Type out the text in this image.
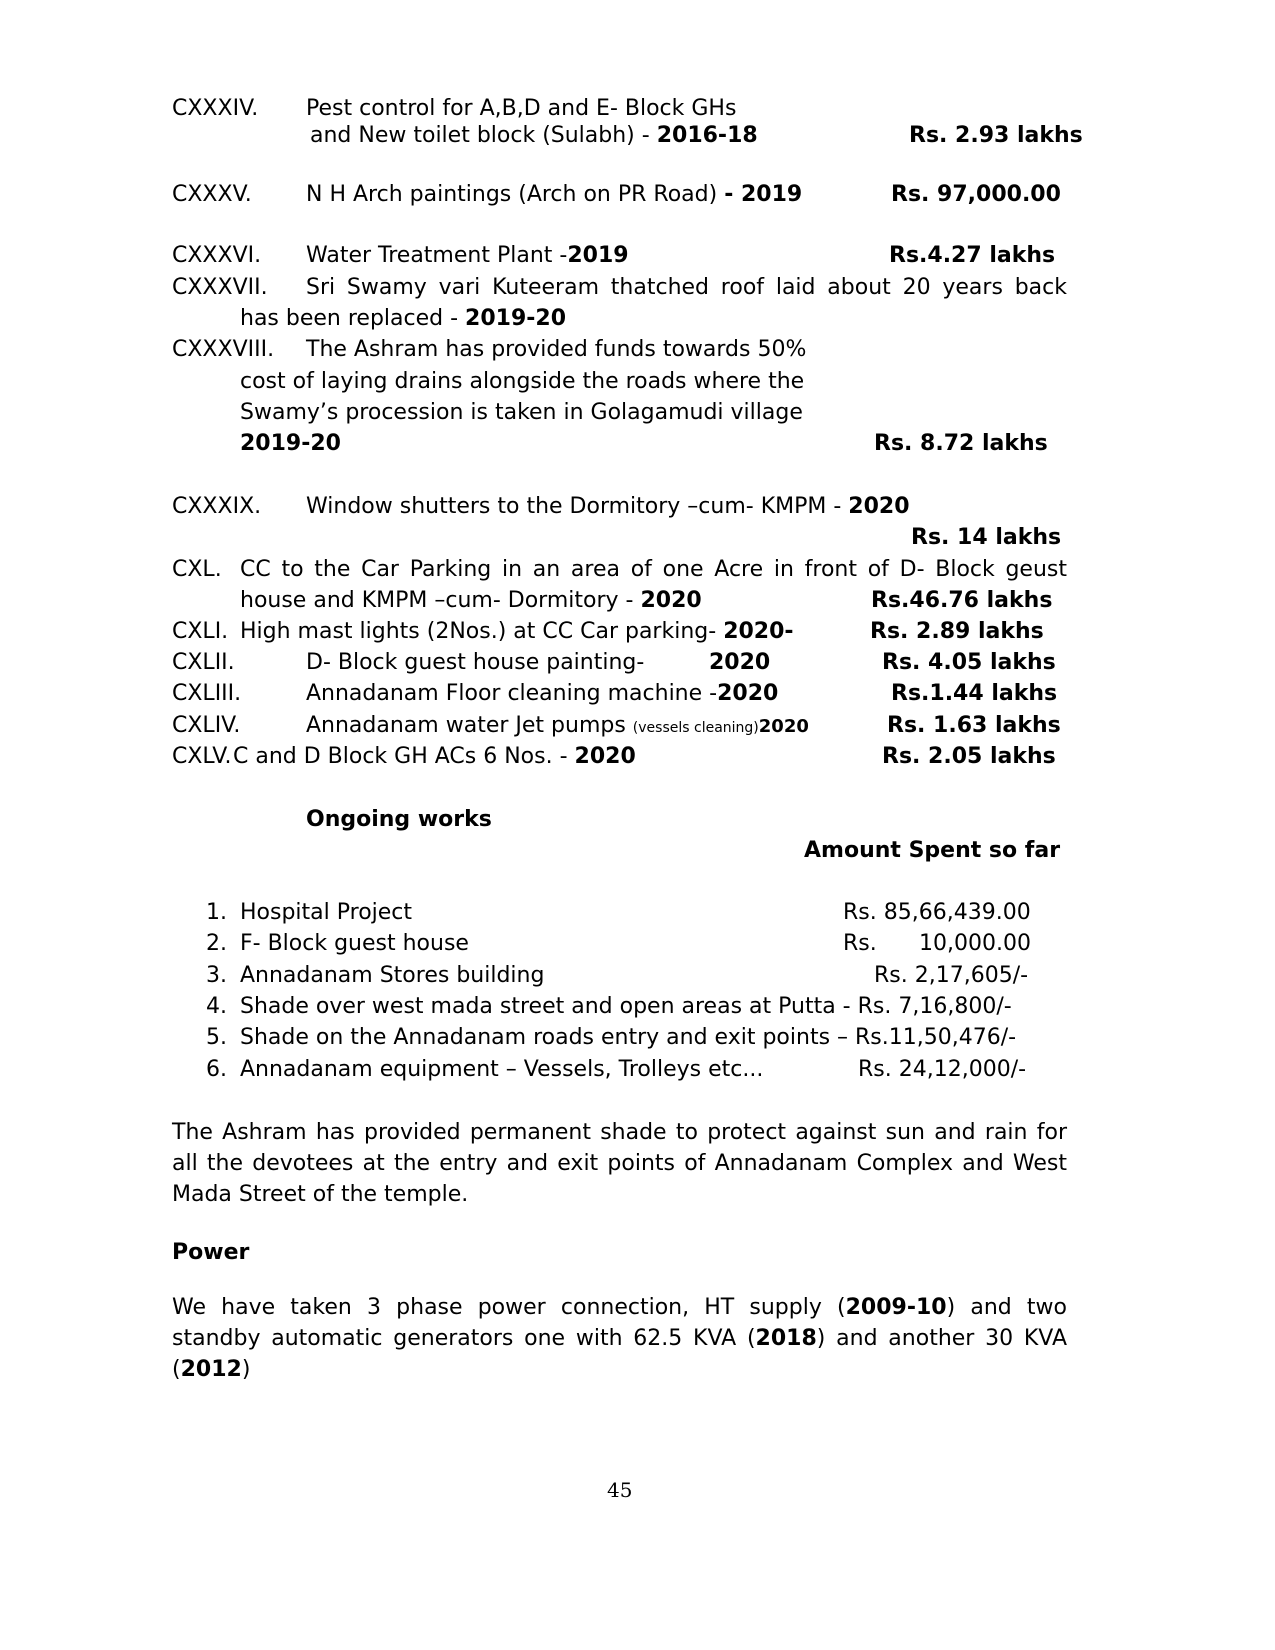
CXXXIV. Pest control for A,B,D and E- Block GHs
and New toilet block (Sulabh) - 2016-18	Rs. 2.93 lakhs
CXXXV. N H Arch paintings (Arch on PR Road) - 2019	Rs. 97,000.00
CXXXVI. Water Treatment Plant -2019	Rs.4.27 lakhs
CXXXVII. Sri Swamy vari Kuteeram thatched roof laid about 20 years back
has been replaced - 2019-20
CXXXVIII. The Ashram has provided funds towards 50%
cost of laying drains alongside the roads where the
Swamy’s procession is taken in Golagamudi village
2019-20	Rs. 8.72 lakhs
CXXXIX. Window shutters to the Dormitory –cum- KMPM - 2020
Rs. 14 lakhs
CXL. CC to the Car Parking in an area of one Acre in front of D- Block geust
house and KMPM –cum- Dormitory - 2020	Rs.46.76 lakhs
CXLI. High mast lights (2Nos.) at CC Car parking- 2020-	Rs. 2.89 lakhs
CXLII.	D- Block guest house painting-	2020	Rs. 4.05 lakhs
CXLIII.	Annadanam Floor cleaning machine -2020	Rs.1.44 lakhs
CXLIV.	Annadanam water Jet pumps (vessels cleaning)2020	Rs. 1.63 lakhs
CXLV. C and D Block GH ACs 6 Nos. - 2020	Rs. 2.05 lakhs
Ongoing works
Amount Spent so far
1. Hospital Project	Rs. 85,66,439.00
2. F- Block guest house	Rs. 10,000.00
3. Annadanam Stores building	Rs. 2,17,605/-
4. Shade over west mada street and open areas at Putta - Rs. 7,16,800/-
5. Shade on the Annadanam roads entry and exit points – Rs.11,50,476/-
6. Annadanam equipment – Vessels, Trolleys etc...	Rs. 24,12,000/-
The Ashram has provided permanent shade to protect against sun and rain for
all the devotees at the entry and exit points of Annadanam Complex and West
Mada Street of the temple.
Power
We have taken 3 phase power connection, HT supply (2009-10) and two
standby automatic generators one with 62.5 KVA (2018) and another 30 KVA
(2012)
45
